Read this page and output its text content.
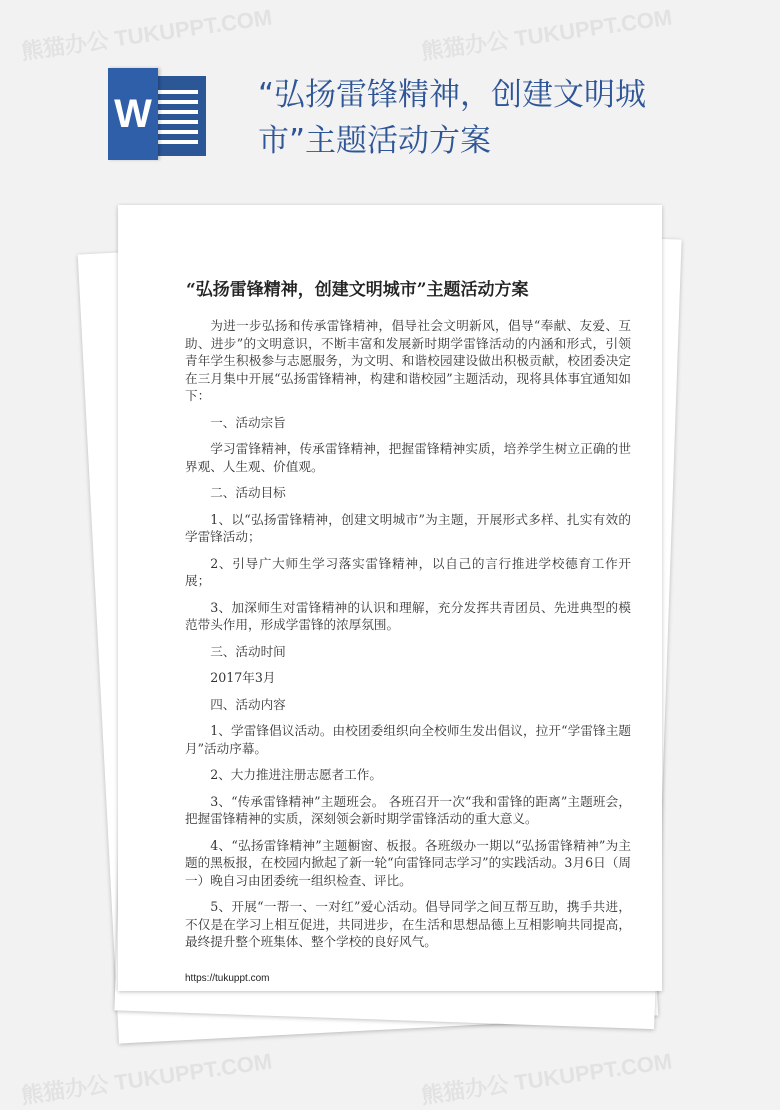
W	“弘扬雷锋精神，创建文明城市”主题活动方案
“弘扬雷锋精神，创建文明城市”主题活动方案

为进一步弘扬和传承雷锋精神，倡导社会文明新风，倡导“奉献、友爱、互助、进步”的文明意识，不断丰富和发展新时期学雷锋活动的内涵和形式，引领青年学生积极参与志愿服务，为文明、和谐校园建设做出积极贡献，校团委决定在三月集中开展“弘扬雷锋精神，构建和谐校园”主题活动，现将具体事宜通知如下：

一、活动宗旨

学习雷锋精神，传承雷锋精神，把握雷锋精神实质，培养学生树立正确的世界观、人生观、价值观。

二、活动目标

1、以“弘扬雷锋精神，创建文明城市”为主题，开展形式多样、扎实有效的学雷锋活动；

2、引导广大师生学习落实雷锋精神，以自己的言行推进学校德育工作开展；

3、加深师生对雷锋精神的认识和理解，充分发挥共青团员、先进典型的模范带头作用，形成学雷锋的浓厚氛围。

三、活动时间

2017年3月

四、活动内容

1、学雷锋倡议活动。由校团委组织向全校师生发出倡议，拉开“学雷锋主题月”活动序幕。

2、大力推进注册志愿者工作。

3、“传承雷锋精神”主题班会。 各班召开一次“我和雷锋的距离”主题班会，把握雷锋精神的实质，深刻领会新时期学雷锋活动的重大意义。

4、“弘扬雷锋精神”主题橱窗、板报。各班级办一期以“弘扬雷锋精神”为主题的黑板报，在校园内掀起了新一轮“向雷锋同志学习”的实践活动。3月6日（周一）晚自习由团委统一组织检查、评比。

5、开展“一帮一、一对红”爱心活动。倡导同学之间互帮互助，携手共进，不仅是在学习上相互促进，共同进步，在生活和思想品德上互相影响共同提高，最终提升整个班集体、整个学校的良好风气。

https://tukuppt.com
熊猫办公 TUKUPPT.COM	熊猫办公 TUKUPPT.COM
熊猫办公 TUKUPPT.COM	熊猫办公 TUKUPPT.COM
